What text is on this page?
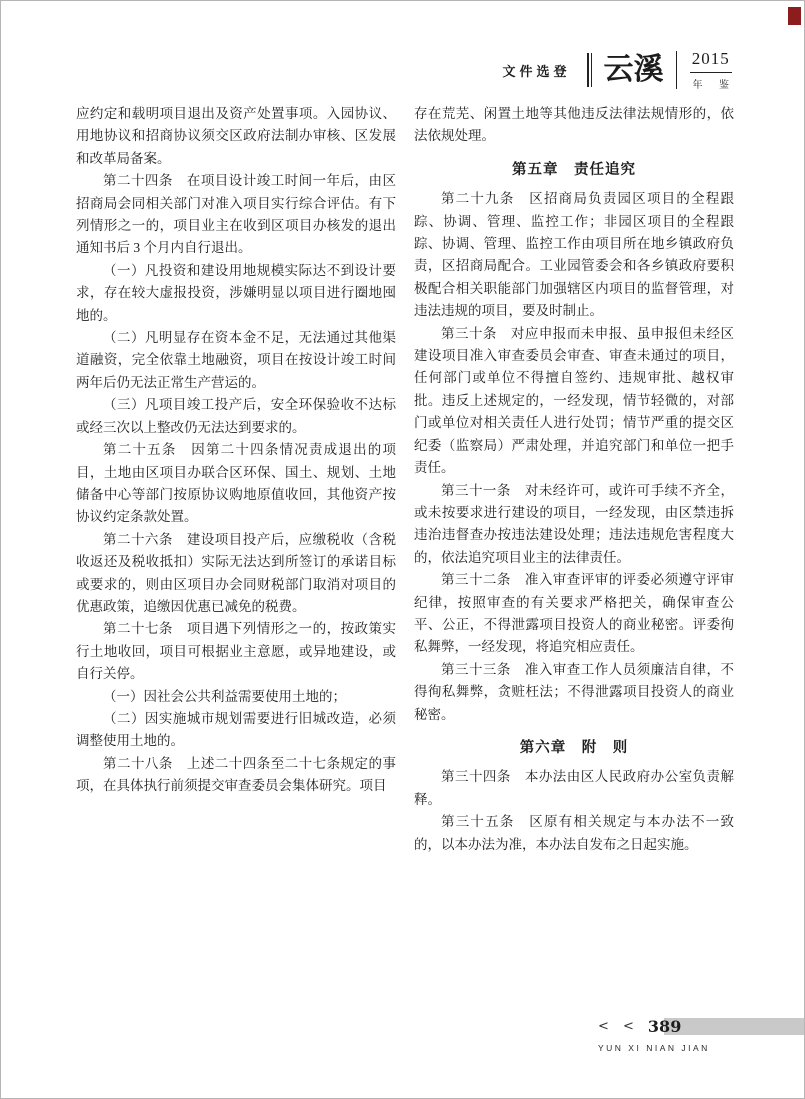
文件选登 云溪 2015
年 鉴

应约定和载明项目退出及资产处置事项。入园协议、用地协议和招商协议须交区政府法制办审核、区发展和改革局备案。

第二十四条　在项目设计竣工时间一年后，由区招商局会同相关部门对准入项目实行综合评估。有下列情形之一的，项目业主在收到区项目办核发的退出通知书后 3 个月内自行退出。

（一）凡投资和建设用地规模实际达不到设计要求，存在较大虚报投资，涉嫌明显以项目进行圈地囤地的。

（二）凡明显存在资本金不足，无法通过其他渠道融资，完全依靠土地融资，项目在按设计竣工时间两年后仍无法正常生产营运的。

（三）凡项目竣工投产后，安全环保验收不达标或经三次以上整改仍无法达到要求的。

第二十五条　因第二十四条情况责成退出的项目，土地由区项目办联合区环保、国土、规划、土地储备中心等部门按原协议购地原值收回，其他资产按协议约定条款处置。

第二十六条　建设项目投产后，应缴税收（含税收返还及税收抵扣）实际无法达到所签订的承诺目标或要求的，则由区项目办会同财税部门取消对项目的优惠政策，追缴因优惠已减免的税费。

第二十七条　项目遇下列情形之一的，按政策实行土地收回，项目可根据业主意愿，或异地建设，或自行关停。

（一）因社会公共利益需要使用土地的；

（二）因实施城市规划需要进行旧城改造，必须调整使用土地的。

第二十八条　上述二十四条至二十七条规定的事项，在具体执行前须提交审查委员会集体研究。项目

存在荒芜、闲置土地等其他违反法律法规情形的，依法依规处理。

第五章　责任追究

第二十九条　区招商局负责园区项目的全程跟踪、协调、管理、监控工作；非园区项目的全程跟踪、协调、管理、监控工作由项目所在地乡镇政府负责，区招商局配合。工业园管委会和各乡镇政府要积极配合相关职能部门加强辖区内项目的监督管理，对违法违规的项目，要及时制止。

第三十条　对应申报而未申报、虽申报但未经区建设项目准入审查委员会审查、审查未通过的项目，任何部门或单位不得擅自签约、违规审批、越权审批。违反上述规定的，一经发现，情节轻微的，对部门或单位对相关责任人进行处罚；情节严重的提交区纪委（监察局）严肃处理，并追究部门和单位一把手责任。

第三十一条　对未经许可，或许可手续不齐全，或未按要求进行建设的项目，一经发现，由区禁违拆违治违督查办按违法建设处理；违法违规危害程度大的，依法追究项目业主的法律责任。

第三十二条　准入审查评审的评委必须遵守评审纪律，按照审查的有关要求严格把关，确保审查公平、公正，不得泄露项目投资人的商业秘密。评委徇私舞弊，一经发现，将追究相应责任。

第三十三条　准入审查工作人员须廉洁自律，不得徇私舞弊，贪赃枉法；不得泄露项目投资人的商业秘密。

第六章　附　则

第三十四条　本办法由区人民政府办公室负责解释。

第三十五条　区原有相关规定与本办法不一致的，以本办法为准，本办法自发布之日起实施。

< < 389
YUN XI NIAN JIAN
